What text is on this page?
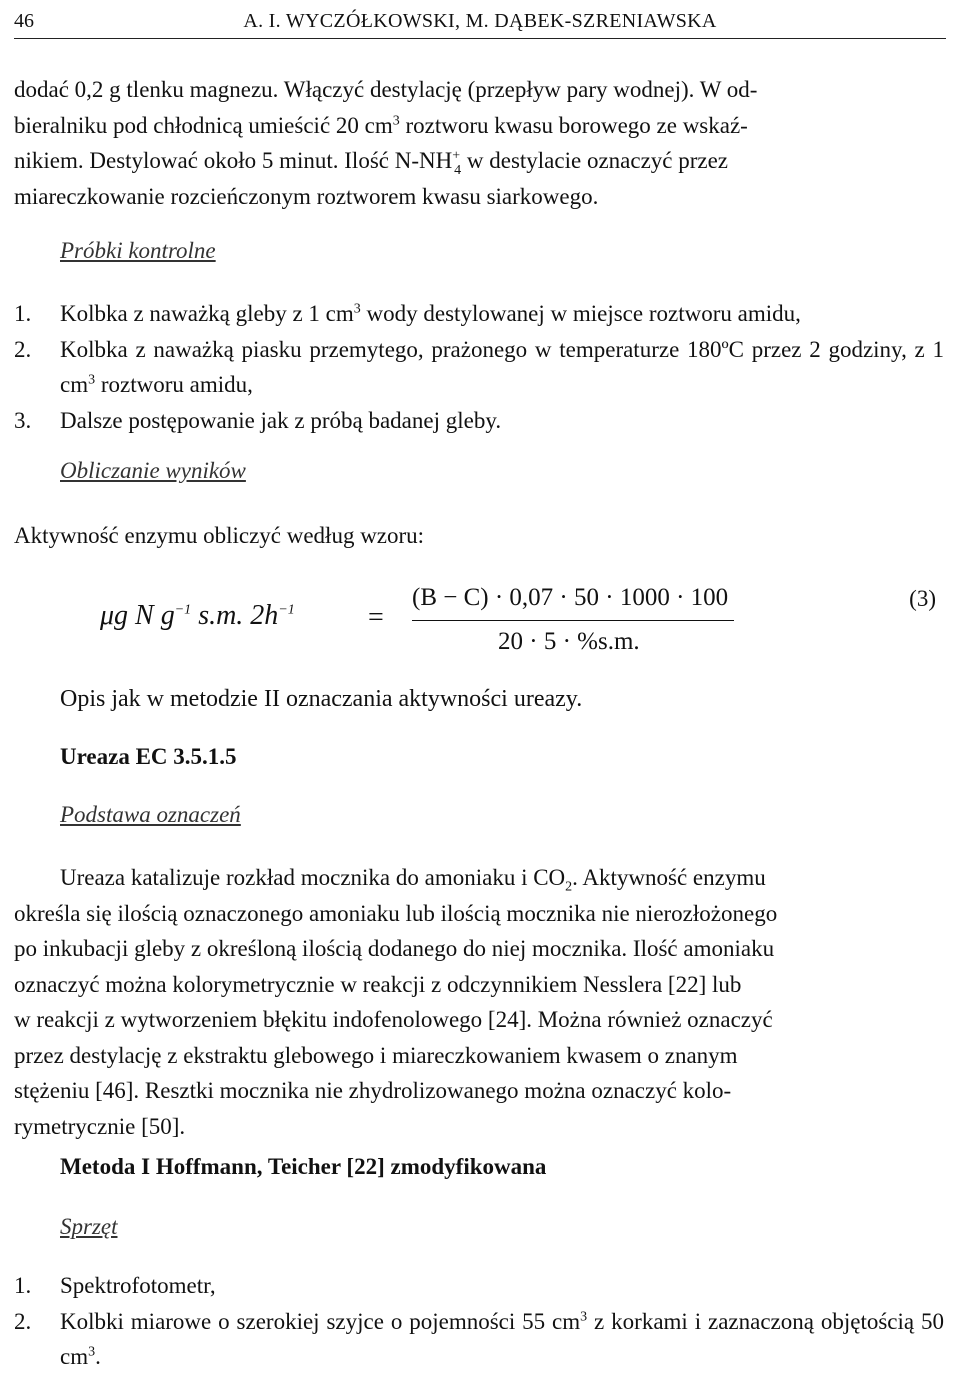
46	A. I. WYCZÓŁKOWSKI, M. DĄBEK-SZRENIAWSKA
dodać 0,2 g tlenku magnezu. Włączyć destylację (przepływ pary wodnej). W od-
bieralniku pod chłodnicą umieścić 20 $cm^3$ roztworu kwasu borowego ze wskaź-
nikiem. Destylować około 5 minut. Ilość $N-NH^+_4$ w destylacie oznaczyć przez
miareczkowanie rozcieńczonym roztworem kwasu siarkowego.
Próbki kontrolne
1. Kolbka z naważką gleby z 1 $cm^3$ wody destylowanej w miejsce roztworu amidu,
2. Kolbka z naważką piasku przemytego, prażonego w temperaturze 180ºC przez 2 godziny, z 1 $cm^3$ roztworu amidu,
3. Dalsze postępowanie jak z próbą badanej gleby.
Obliczanie wyników
Aktywność enzymu obliczyć według wzoru:
μg N $g^{-1}$ s.m. $2h^{-1}$	=
(B − C) · 0,07 · 50 · 1000 · 100
20 · 5 · %s.m.
(3)
Opis jak w metodzie II oznaczania aktywności ureazy.
Ureaza EC 3.5.1.5
Podstawa oznaczeń
Ureaza katalizuje rozkład mocznika do amoniaku i $CO_2$. Aktywność enzymu
określa się ilością oznaczonego amoniaku lub ilością mocznika nie nierozłożonego
po inkubacji gleby z określoną ilością dodanego do niej mocznika. Ilość amoniaku
oznaczyć można kolorymetrycznie w reakcji z odczynnikiem Nesslera [22] lub
w reakcji z wytworzeniem błękitu indofenolowego [24]. Można również oznaczyć
przez destylację z ekstraktu glebowego i miareczkowaniem kwasem o znanym
stężeniu [46]. Resztki mocznika nie zhydrolizowanego można oznaczyć kolo-
rymetrycznie [50].
Metoda I Hoffmann, Teicher [22] zmodyfikowana
Sprzęt
1. Spektrofotometr,
2. Kolbki miarowe o szerokiej szyjce o pojemności 55 $cm^3$ z korkami i zaznaczoną objętością 50 $cm^3$.
